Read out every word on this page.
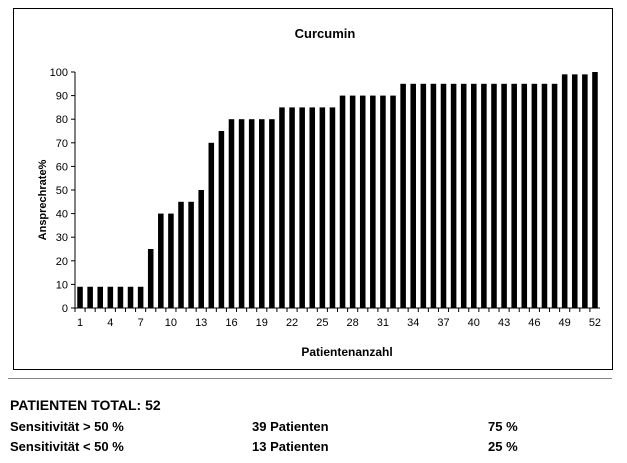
Curcumin
Ansprechrate%
Patientenanzahl
0
10
20
30
40
50
60
70
80
90
100
1 4 7 10 13 16 19 22 25 28 31 34 37 40 43 46 49 52
PATIENTEN TOTAL: 52
Sensitivität > 50 %	39 Patienten	75 %
Sensitivität < 50 %	13 Patienten	25 %
